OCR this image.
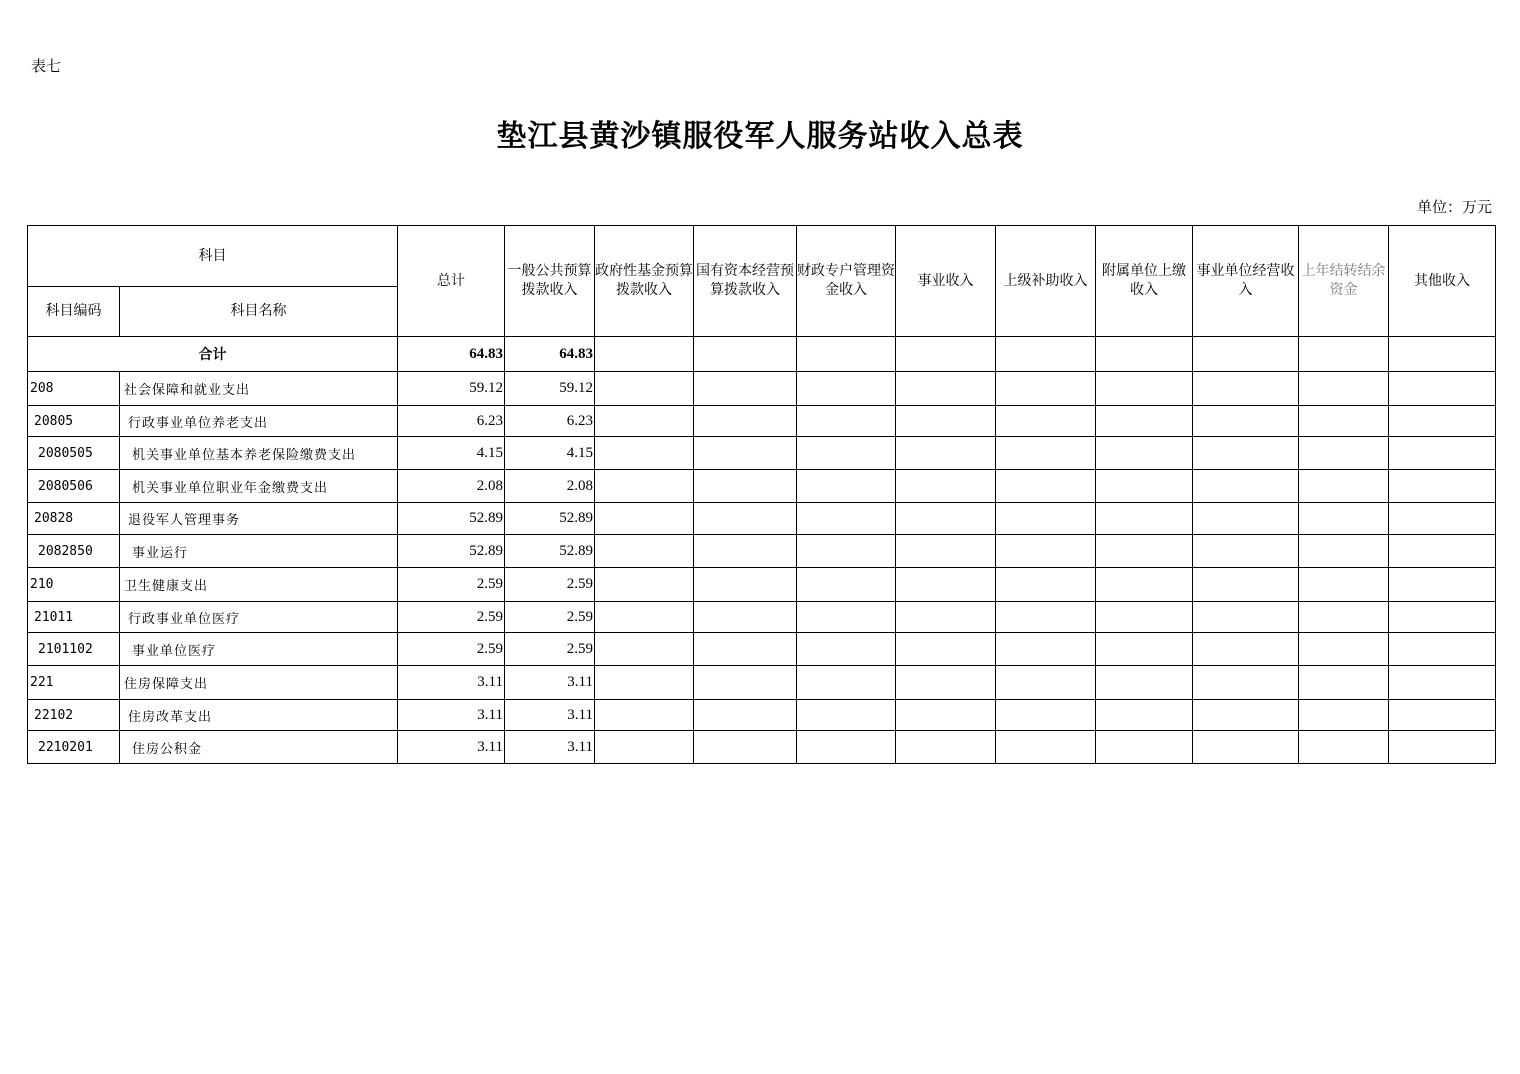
表七
垫江县黄沙镇服役军人服务站收入总表
单位：万元
科目		总计	一般公共预算拨款收入	政府性基金预算拨款收入	国有资本经营预算拨款收入	财政专户管理资金收入	事业收入	上级补助收入	附属单位上缴收入	事业单位经营收入	上年结转结余资金	其他收入
科目编码	科目名称											
合计		64.83	64.83									
208	社会保障和就业支出	59.12	59.12									
20805	行政事业单位养老支出	6.23	6.23									
2080505	机关事业单位基本养老保险缴费支出	4.15	4.15									
2080506	机关事业单位职业年金缴费支出	2.08	2.08									
20828	退役军人管理事务	52.89	52.89									
2082850	事业运行	52.89	52.89									
210	卫生健康支出	2.59	2.59									
21011	行政事业单位医疗	2.59	2.59									
2101102	事业单位医疗	2.59	2.59									
221	住房保障支出	3.11	3.11									
22102	住房改革支出	3.11	3.11									
2210201	住房公积金	3.11	3.11									
